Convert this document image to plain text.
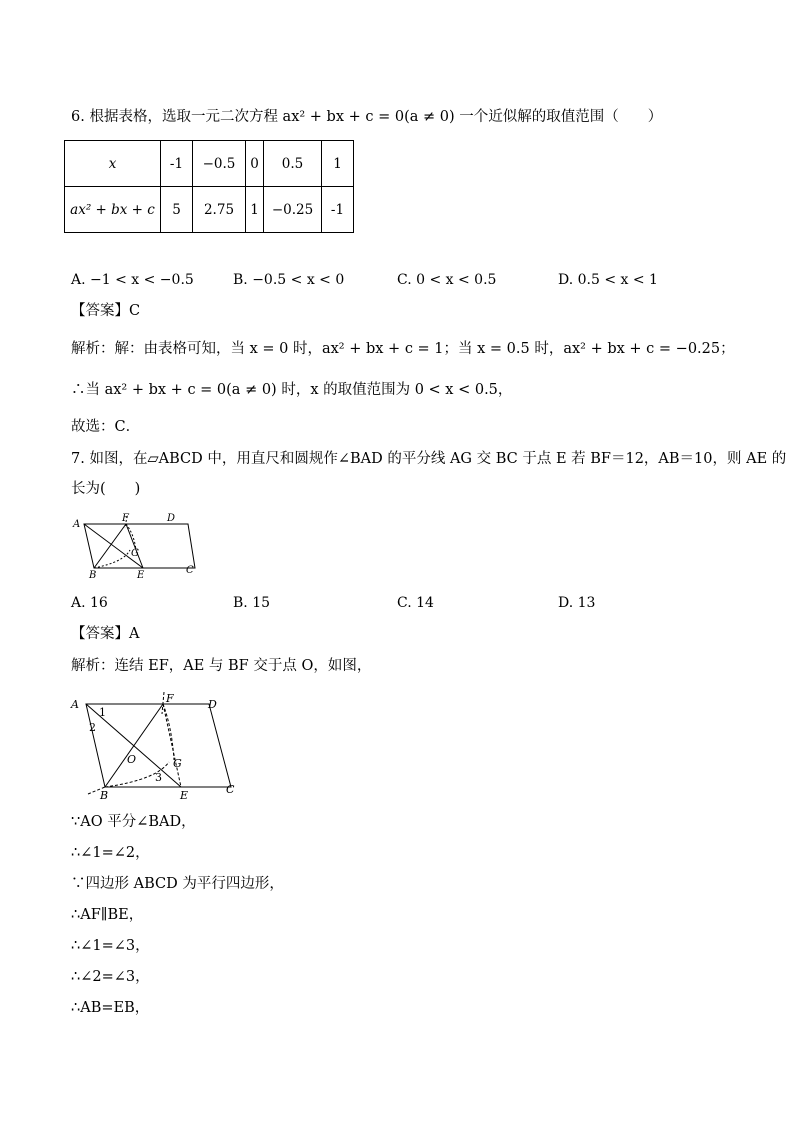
6. 根据表格，选取一元二次方程 ax² + bx + c = 0(a ≠ 0) 一个近似解的取值范围（　　）
x	-1	−0.5	0	0.5	1
ax² + bx + c	5	2.75	1	−0.25	-1
A. −1 < x < −0.5	B. −0.5 < x < 0	C. 0 < x < 0.5	D. 0.5 < x < 1
【答案】C
解析：解：由表格可知，当 x = 0 时，ax² + bx + c = 1；当 x = 0.5 时，ax² + bx + c = −0.25；
∴当 ax² + bx + c = 0(a ≠ 0) 时，x 的取值范围为 0 < x < 0.5，
故选：C．
7. 如图，在▱ABCD 中，用直尺和圆规作∠BAD 的平分线 AG 交 BC 于点 E 若 BF＝12，AB＝10，则 AE 的
长为(　　)
A
F	D
G
B	E	C
A. 16	B. 15	C. 14	D. 13
【答案】A
解析：连结 EF，AE 与 BF 交于点 O，如图，
A	F	D
O	G
B	E	C
1
2
3
∵AO 平分∠BAD，
∴∠1=∠2，
∵四边形 ABCD 为平行四边形，
∴AF∥BE，
∴∠1=∠3，
∴∠2=∠3，
∴AB=EB，
